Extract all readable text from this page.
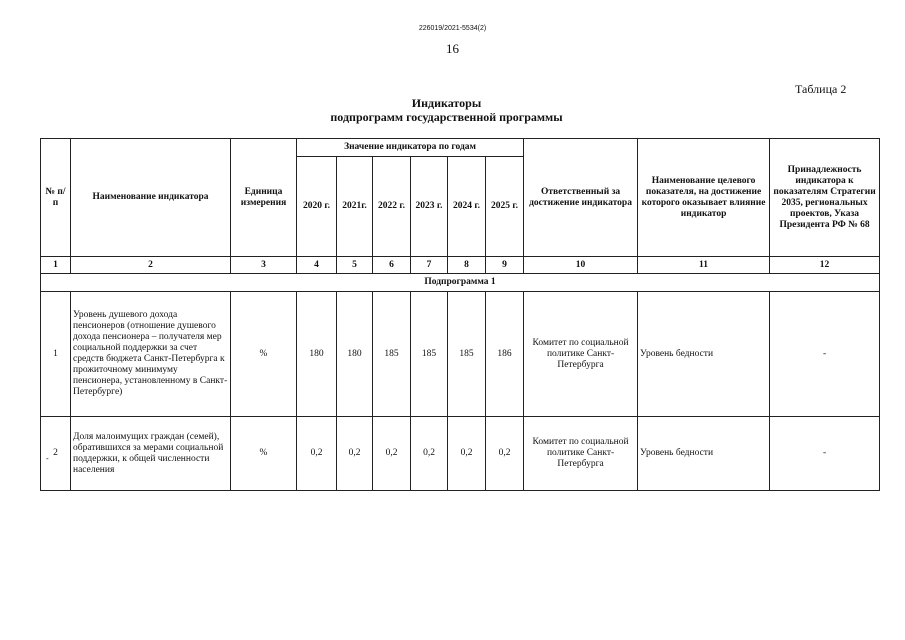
226019/2021-5534(2)
16
Таблица 2
Индикаторы
подпрограмм государственной программы
№ п/п	Наименование индикатора	Единица измерения	Значение индикатора по годам						Ответственный за достижение индикатора	Наименование целевого показателя, на достижение которого оказывает влияние индикатор	Принадлежность индикатора к показателям Стратегии 2035, региональных проектов, Указа Президента РФ № 68
			2020 г.	2021г.	2022 г.	2023 г.	2024 г.	2025 г.			
1	2	3	4	5	6	7	8	9	10	11	12
Подпрограмма 1											
1	Уровень душевого дохода пенсионеров (отношение душевого дохода пенсионера – получателя мер социальной поддержки за счет средств бюджета Санкт-Петербурга к прожиточному минимуму пенсионера, установленному в Санкт-Петербурге)	%	180	180	185	185	185	186	Комитет по социальной политике Санкт-Петербурга	Уровень бедности	-
2	Доля малоимущих граждан (семей), обратившихся за мерами социальной поддержки, к общей численности населения	%	0,2	0,2	0,2	0,2	0,2	0,2	Комитет по социальной политике Санкт-Петербурга	Уровень бедности	-
-
